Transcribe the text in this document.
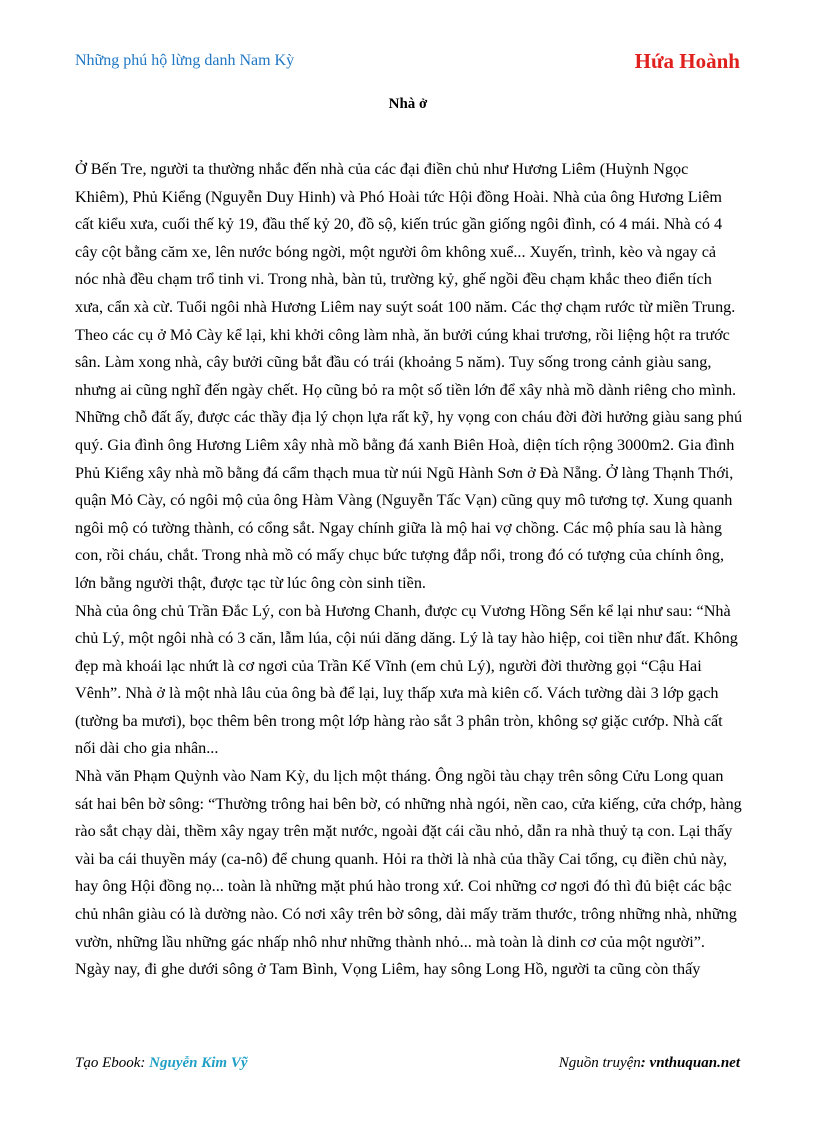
Những phú hộ lừng danh Nam Kỳ	Hứa Hoành
Nhà ở

Ở Bến Tre, người ta thường nhắc đến nhà của các đại điền chủ như Hương Liêm (Huỳnh Ngọc Khiêm), Phủ Kiểng (Nguyễn Duy Hinh) và Phó Hoài tức Hội đồng Hoài. Nhà của ông Hương Liêm cất kiểu xưa, cuối thế kỷ 19, đầu thế kỷ 20, đồ sộ, kiến trúc gần giống ngôi đình, có 4 mái. Nhà có 4 cây cột bằng căm xe, lên nước bóng ngời, một người ôm không xuể... Xuyến, trình, kèo và ngay cả nóc nhà đều chạm trổ tinh vi. Trong nhà, bàn tủ, trường kỷ, ghế ngồi đều chạm khắc theo điển tích xưa, cẩn xà cừ. Tuổi ngôi nhà Hương Liêm nay suýt soát 100 năm. Các thợ chạm rước từ miền Trung. Theo các cụ ở Mỏ Cày kể lại, khi khởi công làm nhà, ăn bưởi cúng khai trương, rồi liệng hột ra trước sân. Làm xong nhà, cây bưởi cũng bắt đầu có trái (khoảng 5 năm). Tuy sống trong cảnh giàu sang, nhưng ai cũng nghĩ đến ngày chết. Họ cũng bỏ ra một số tiền lớn để xây nhà mồ dành riêng cho mình. Những chỗ đất ấy, được các thầy địa lý chọn lựa rất kỹ, hy vọng con cháu đời đời hưởng giàu sang phú quý. Gia đình ông Hương Liêm xây nhà mồ bằng đá xanh Biên Hoà, diện tích rộng 3000m2. Gia đình Phủ Kiểng xây nhà mồ bằng đá cẩm thạch mua từ núi Ngũ Hành Sơn ở Đà Nẵng. Ở làng Thạnh Thới, quận Mỏ Cày, có ngôi mộ của ông Hàm Vàng (Nguyễn Tấc Vạn) cũng quy mô tương tợ. Xung quanh ngôi mộ có tường thành, có cổng sắt. Ngay chính giữa là mộ hai vợ chồng. Các mộ phía sau là hàng con, rồi cháu, chắt. Trong nhà mồ có mấy chục bức tượng đắp nổi, trong đó có tượng của chính ông, lớn bằng người thật, được tạc từ lúc ông còn sinh tiền.

Nhà của ông chủ Trần Đắc Lý, con bà Hương Chanh, được cụ Vương Hồng Sển kể lại như sau: “Nhà chủ Lý, một ngôi nhà có 3 căn, lẫm lúa, cội núi dăng dăng. Lý là tay hào hiệp, coi tiền như đất. Không đẹp mà khoái lạc nhứt là cơ ngơi của Trần Kế Vĩnh (em chủ Lý), người đời thường gọi “Cậu Hai Vênh”. Nhà ở là một nhà lâu của ông bà để lại, luỵ thấp xưa mà kiên cố. Vách tường dài 3 lớp gạch (tường ba mươi), bọc thêm bên trong một lớp hàng rào sắt 3 phân tròn, không sợ giặc cướp. Nhà cất nối dài cho gia nhân...

Nhà văn Phạm Quỳnh vào Nam Kỳ, du lịch một tháng. Ông ngồi tàu chạy trên sông Cửu Long quan sát hai bên bờ sông: “Thường trông hai bên bờ, có những nhà ngói, nền cao, cửa kiếng, cửa chớp, hàng rào sắt chạy dài, thềm xây ngay trên mặt nước, ngoài đặt cái cầu nhỏ, dẫn ra nhà thuỷ tạ con. Lại thấy vài ba cái thuyền máy (ca-nô) để chung quanh. Hỏi ra thời là nhà của thầy Cai tổng, cụ điền chủ này, hay ông Hội đồng nọ... toàn là những mặt phú hào trong xứ. Coi những cơ ngơi đó thì đủ biệt các bậc chủ nhân giàu có là dường nào. Có nơi xây trên bờ sông, dài mấy trăm thước, trông những nhà, những vườn, những lầu những gác nhấp nhô như những thành nhỏ... mà toàn là dinh cơ của một người”.

Ngày nay, đi ghe dưới sông ở Tam Bình, Vọng Liêm, hay sông Long Hồ, người ta cũng còn thấy

Tạo Ebook: Nguyễn Kim Vỹ	Nguồn truyện: vnthuquan.net
